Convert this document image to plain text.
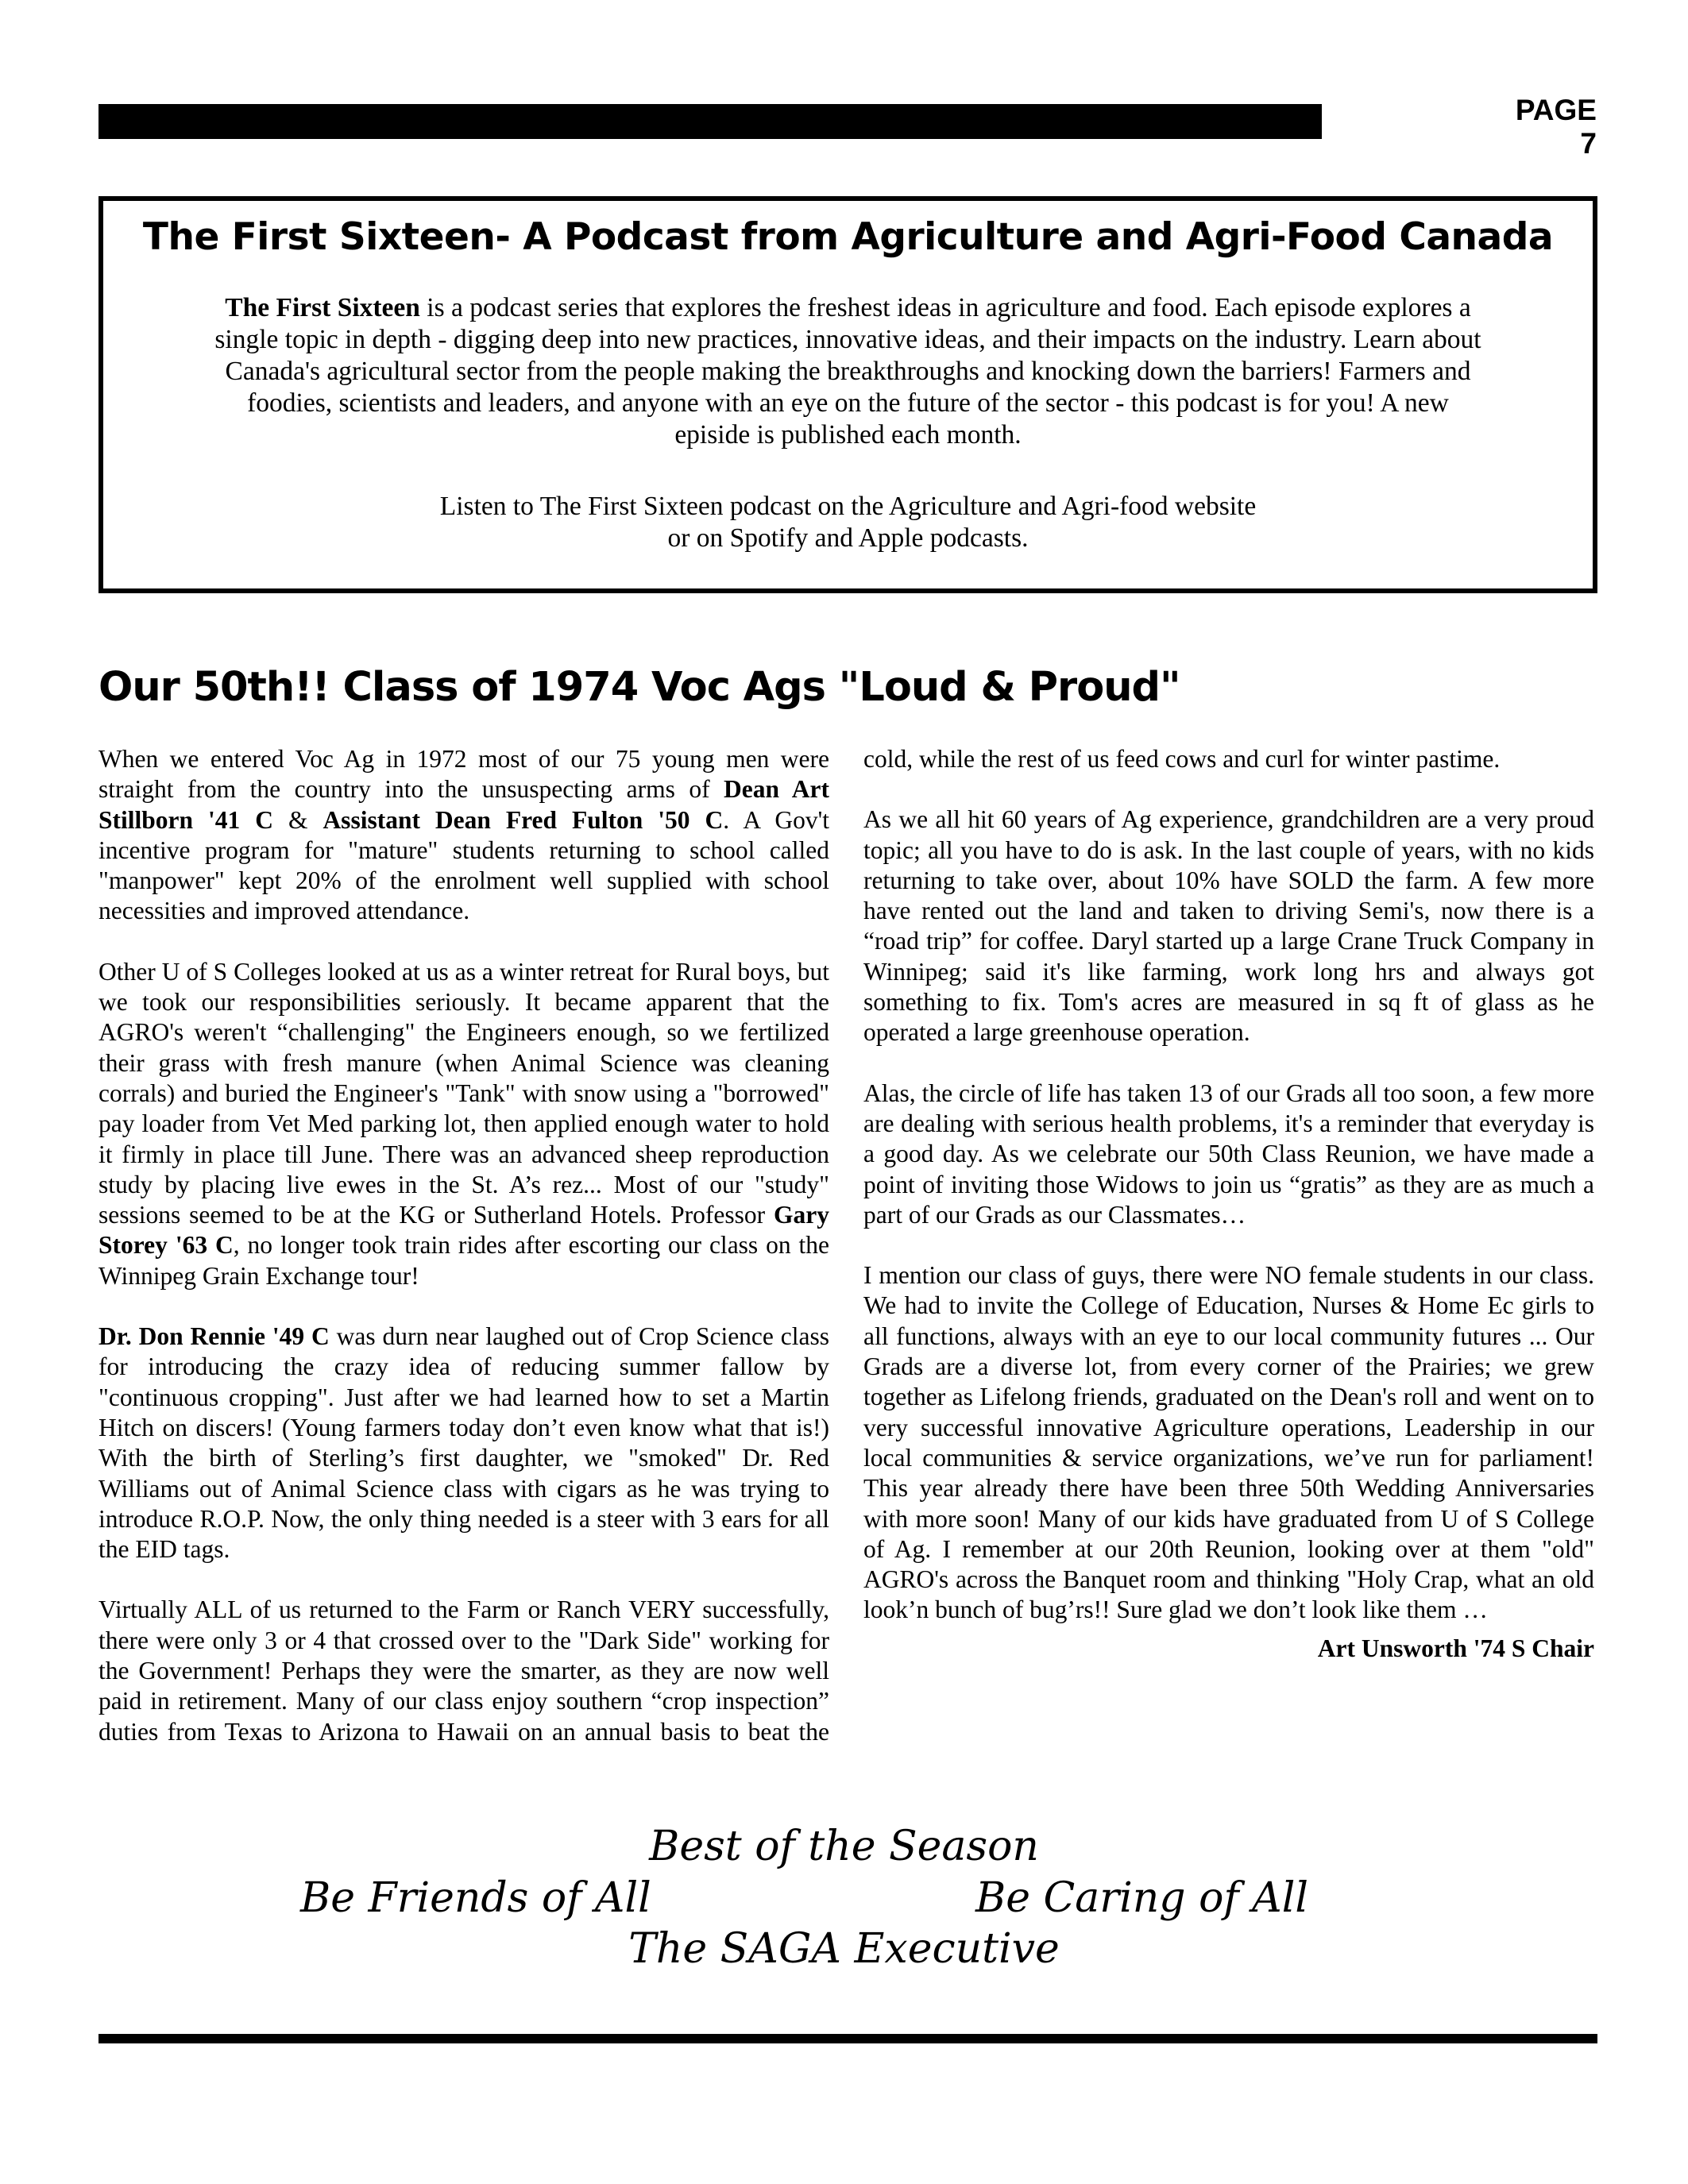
PAGE 7
The First Sixteen- A Podcast from Agriculture and Agri-Food Canada
The First Sixteen is a podcast series that explores the freshest ideas in agriculture and food. Each episode explores a single topic in depth - digging deep into new practices, innovative ideas, and their impacts on the industry. Learn about Canada's agricultural sector from the people making the breakthroughs and knocking down the barriers! Farmers and foodies, scientists and leaders, and anyone with an eye on the future of the sector - this podcast is for you! A new episide is published each month.
Listen to The First Sixteen podcast on the Agriculture and Agri-food website
or on Spotify and Apple podcasts.
Our 50th!! Class of 1974 Voc Ags "Loud & Proud"

When we entered Voc Ag in 1972 most of our 75 young men were straight from the country into the unsuspecting arms of Dean Art Stillborn '41 C & Assistant Dean Fred Fulton '50 C. A Gov't incentive program for "mature" students returning to school called "manpower" kept 20% of the enrolment well supplied with school necessities and improved attendance.

Other U of S Colleges looked at us as a winter retreat for Rural boys, but we took our responsibilities seriously. It became apparent that the AGRO's weren't “challenging" the Engineers enough, so we fertilized their grass with fresh manure (when Animal Science was cleaning corrals) and buried the Engineer's "Tank" with snow using a "borrowed" pay loader from Vet Med parking lot, then applied enough water to hold it firmly in place till June. There was an advanced sheep reproduction study by placing live ewes in the St. A’s rez... Most of our "study" sessions seemed to be at the KG or Sutherland Hotels. Professor Gary Storey '63 C, no longer took train rides after escorting our class on the Winnipeg Grain Exchange tour!

Dr. Don Rennie '49 C was durn near laughed out of Crop Science class for introducing the crazy idea of reducing summer fallow by "continuous cropping". Just after we had learned how to set a Martin Hitch on discers! (Young farmers today don’t even know what that is!) With the birth of Sterling’s first daughter, we "smoked" Dr. Red Williams out of Animal Science class with cigars as he was trying to introduce R.O.P. Now, the only thing needed is a steer with 3 ears for all the EID tags.

Virtually ALL of us returned to the Farm or Ranch VERY successfully, there were only 3 or 4 that crossed over to the "Dark Side" working for the Government! Perhaps they were the smarter, as they are now well paid in retirement. Many of our class enjoy southern “crop inspection” duties from Texas to Arizona to Hawaii on an annual basis to beat the

cold, while the rest of us feed cows and curl for winter pastime.

As we all hit 60 years of Ag experience, grandchildren are a very proud topic; all you have to do is ask. In the last couple of years, with no kids returning to take over, about 10% have SOLD the farm. A few more have rented out the land and taken to driving Semi's, now there is a “road trip” for coffee. Daryl started up a large Crane Truck Company in Winnipeg; said it's like farming, work long hrs and always got something to fix. Tom's acres are measured in sq ft of glass as he operated a large greenhouse operation.

Alas, the circle of life has taken 13 of our Grads all too soon, a few more are dealing with serious health problems, it's a reminder that everyday is a good day. As we celebrate our 50th Class Reunion, we have made a point of inviting those Widows to join us “gratis” as they are as much a part of our Grads as our Classmates…

I mention our class of guys, there were NO female students in our class. We had to invite the College of Education, Nurses & Home Ec girls to all functions, always with an eye to our local community futures ... Our Grads are a diverse lot, from every corner of the Prairies; we grew together as Lifelong friends, graduated on the Dean's roll and went on to very successful innovative Agriculture operations, Leadership in our local communities & service organizations, we’ve run for parliament! This year already there have been three 50th Wedding Anniversaries with more soon! Many of our kids have graduated from U of S College of Ag. I remember at our 20th Reunion, looking over at them "old" AGRO's across the Banquet room and thinking "Holy Crap, what an old look’n bunch of bug’rs!! Sure glad we don’t look like them …

Art Unsworth '74 S Chair
Best of the Season
Be Friends of All	Be Caring of All
The SAGA Executive
